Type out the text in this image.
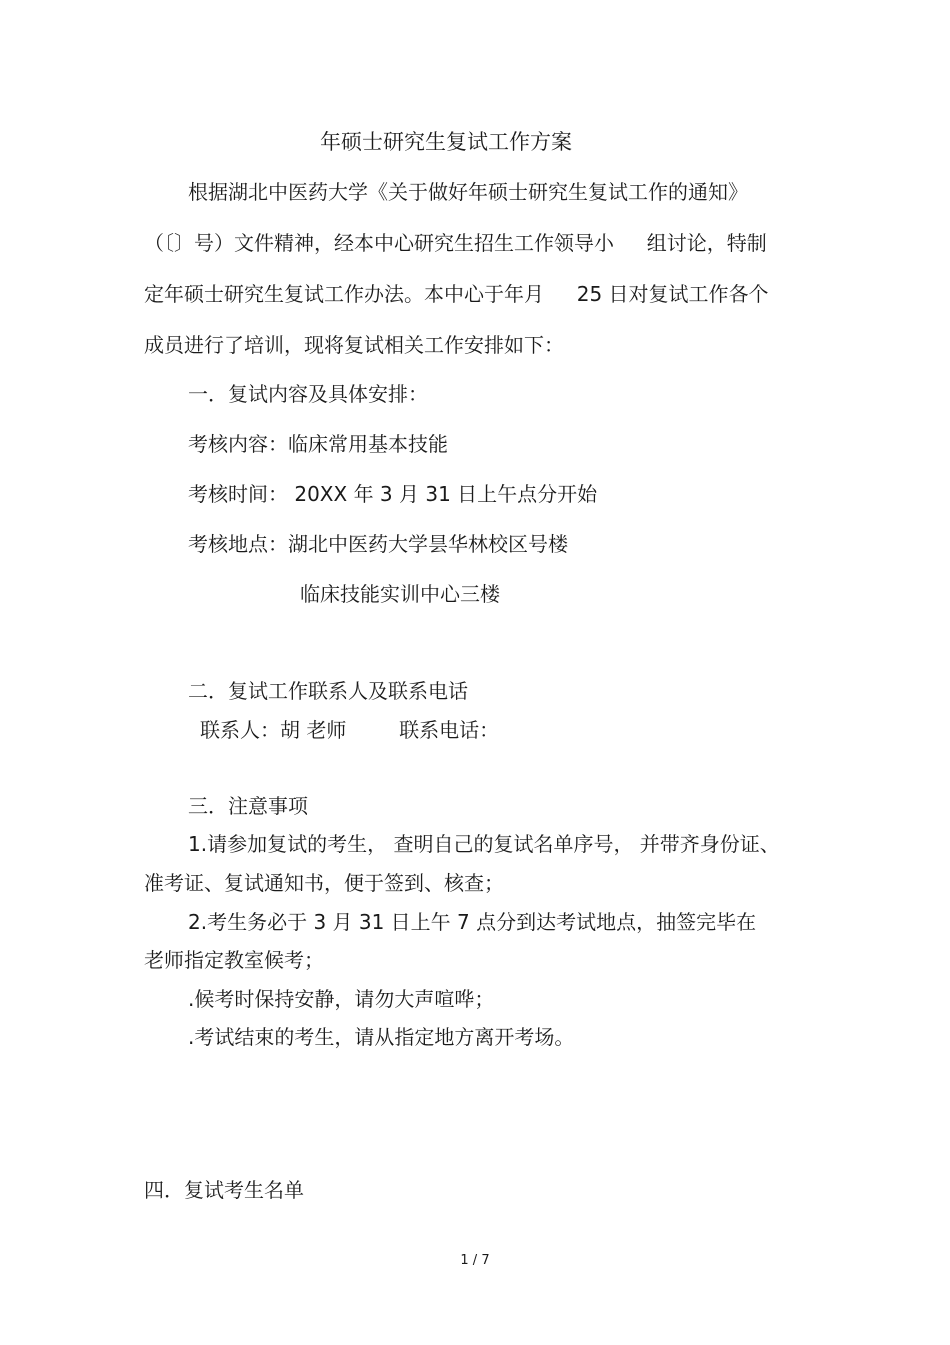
年硕士研究生复试工作方案
根据湖北中医药大学《关于做好年硕士研究生复试工作的通知》
（〔〕号）文件精神，经本中心研究生招生工作领导小 　 组讨论，特制
定年硕士研究生复试工作办法。本中心于年月 　 25 日对复试工作各个
成员进行了培训，现将复试相关工作安排如下：
一．复试内容及具体安排：
考核内容：临床常用基本技能
考核时间： 20XX 年 3 月 31 日上午点分开始
考核地点：湖北中医药大学昙华林校区号楼
临床技能实训中心三楼
二．复试工作联系人及联系电话
联系人：胡 老师 　 　联系电话：
三．注意事项
1.请参加复试的考生， 查明自己的复试名单序号， 并带齐身份证、
准考证、复试通知书，便于签到、核查；
2.考生务必于 3 月 31 日上午 7 点分到达考试地点，抽签完毕在
老师指定教室候考；
.候考时保持安静，请勿大声喧哗；
.考试结束的考生，请从指定地方离开考场。
四．复试考生名单
1 / 7
